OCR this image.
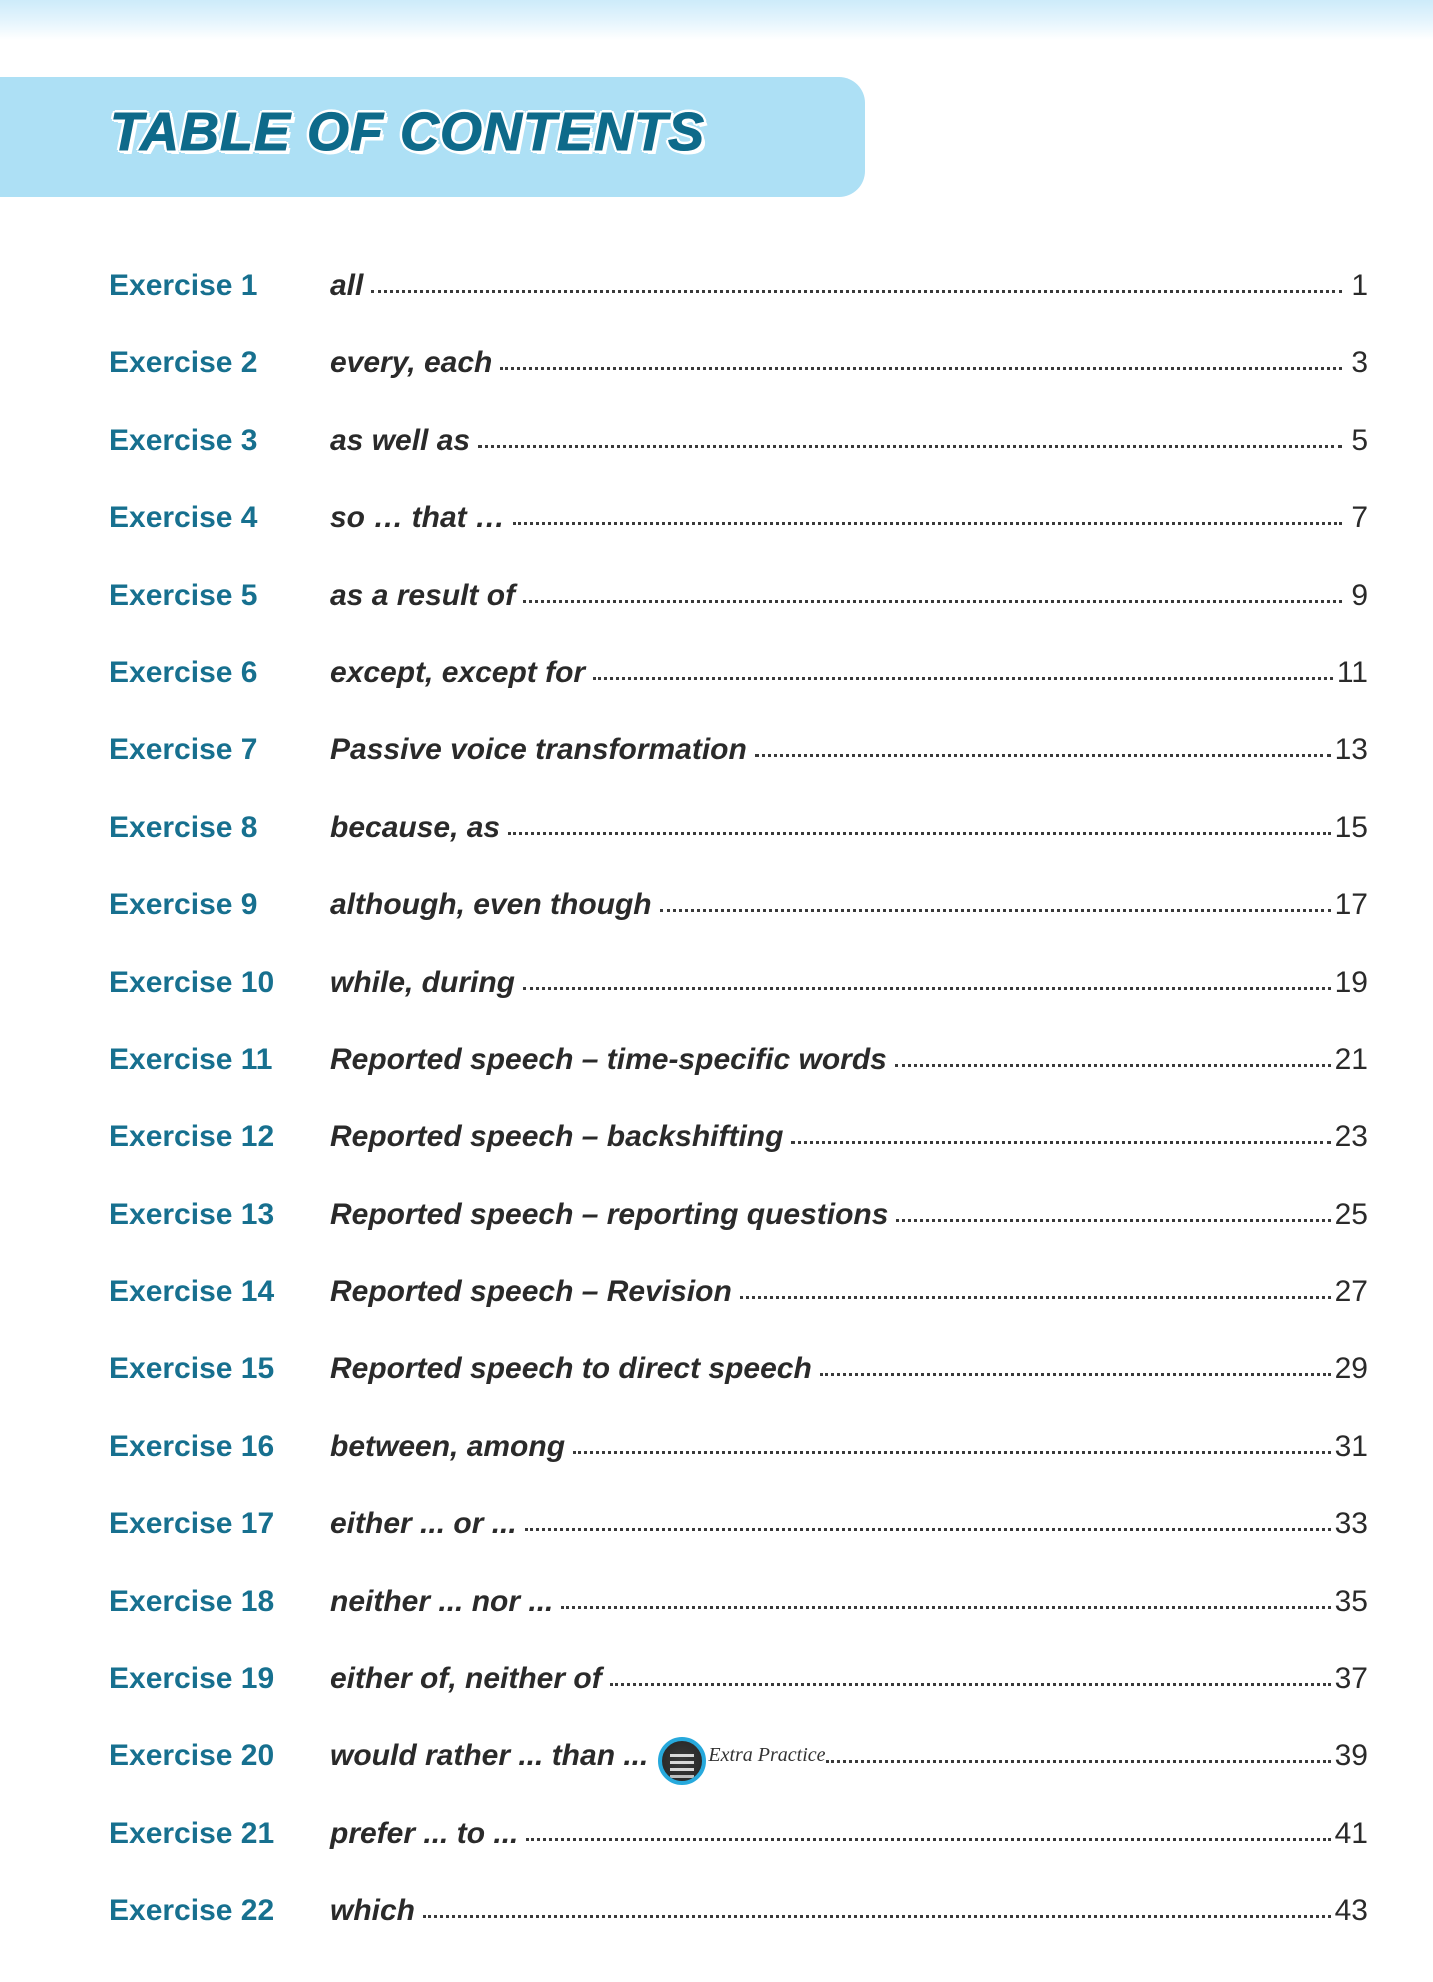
TABLE OF CONTENTS
Exercise 1 all	1
Exercise 2 every, each	3
Exercise 3 as well as	5
Exercise 4 so … that …	7
Exercise 5 as a result of	9
Exercise 6 except, except for	11
Exercise 7 Passive voice transformation	13
Exercise 8 because, as	15
Exercise 9 although, even though	17
Exercise 10 while, during	19
Exercise 11 Reported speech – time-specific words	21
Exercise 12 Reported speech – backshifting	23
Exercise 13 Reported speech – reporting questions	25
Exercise 14 Reported speech – Revision	27
Exercise 15 Reported speech to direct speech	29
Exercise 16 between, among	31
Exercise 17 either ... or ...	33
Exercise 18 neither ... nor ...	35
Exercise 19 either of, neither of	37
Exercise 20 would rather ... than ...	Extra Practice	39
Exercise 21 prefer ... to ...	41
Exercise 22 which	43
